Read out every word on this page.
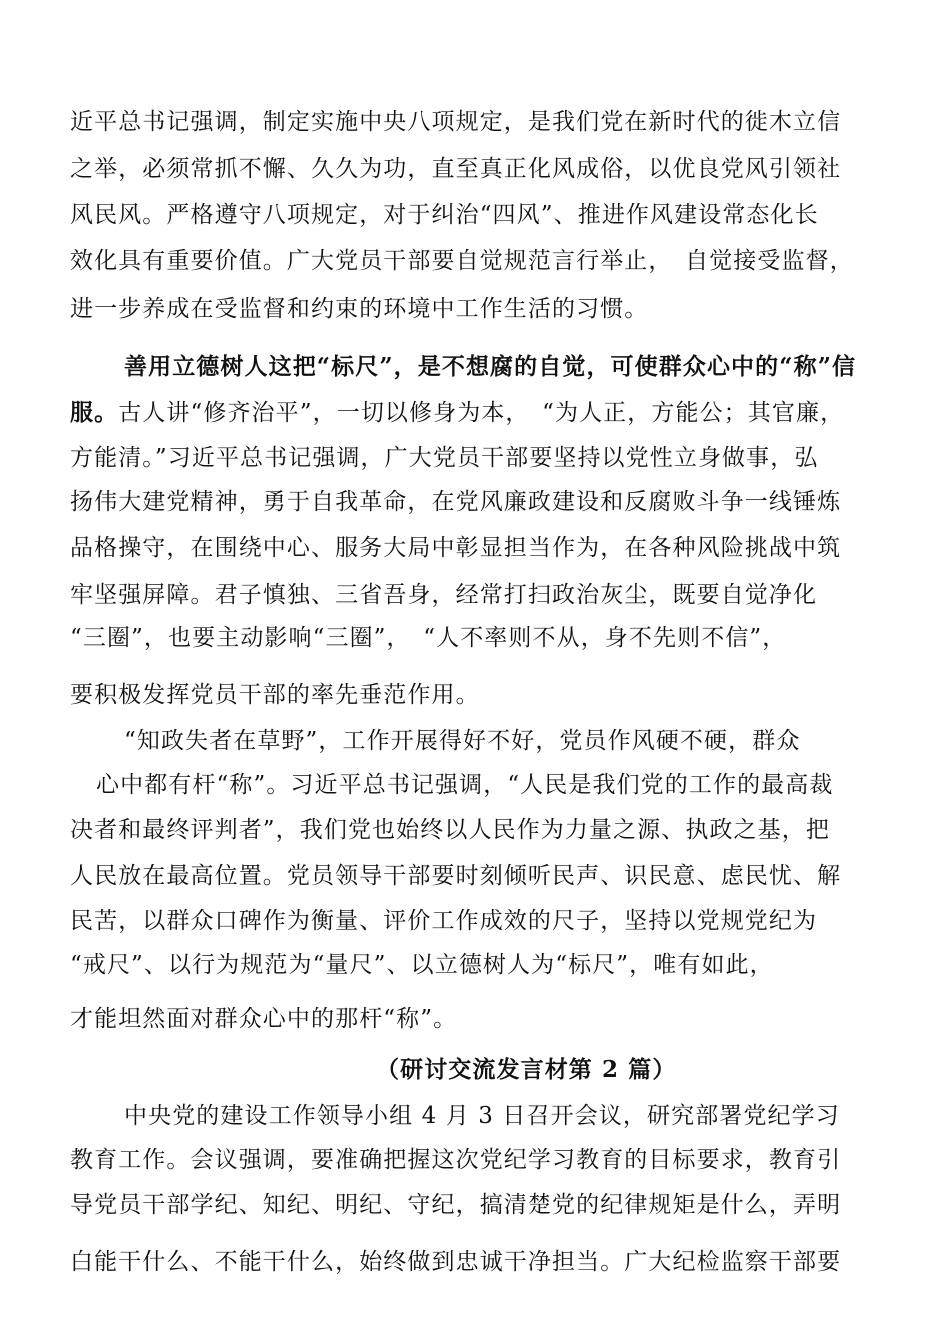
近平总书记强调，制定实施中央八项规定，是我们党在新时代的徙木立信
之举，必须常抓不懈、久久为功，直至真正化风成俗，以优良党风引领社
风民风。严格遵守八项规定，对于纠治“四风”、推进作风建设常态化长
效化具有重要价值。广大党员干部要自觉规范言行举止，　自觉接受监督，
进一步养成在受监督和约束的环境中工作生活的习惯。
善用立德树人这把“标尺”，是不想腐的自觉，可使群众心中的“称”信
服。古人讲“修齐治平”，一切以修身为本，　“为人正，方能公；其官廉，
方能清。”习近平总书记强调，广大党员干部要坚持以党性立身做事，弘
扬伟大建党精神，勇于自我革命，在党风廉政建设和反腐败斗争一线锤炼
品格操守，在围绕中心、服务大局中彰显担当作为，在各种风险挑战中筑
牢坚强屏障。君子慎独、三省吾身，经常打扫政治灰尘，既要自觉净化
“三圈”，也要主动影响“三圈”，　“人不率则不从，身不先则不信”，
要积极发挥党员干部的率先垂范作用。
“知政失者在草野”，工作开展得好不好，党员作风硬不硬，群众
心中都有杆“称”。习近平总书记强调，“人民是我们党的工作的最高裁
决者和最终评判者”，我们党也始终以人民作为力量之源、执政之基，把
人民放在最高位置。党员领导干部要时刻倾听民声、识民意、虑民忧、解
民苦，以群众口碑作为衡量、评价工作成效的尺子，坚持以党规党纪为
“戒尺”、以行为规范为“量尺”、以立德树人为“标尺”，唯有如此，
才能坦然面对群众心中的那杆“称”。
（研讨交流发言材第 2 篇）
中央党的建设工作领导小组 4 月 3 日召开会议，研究部署党纪学习
教育工作。会议强调，要准确把握这次党纪学习教育的目标要求，教育引
导党员干部学纪、知纪、明纪、守纪，搞清楚党的纪律规矩是什么，弄明
白能干什么、不能干什么，始终做到忠诚干净担当。广大纪检监察干部要
